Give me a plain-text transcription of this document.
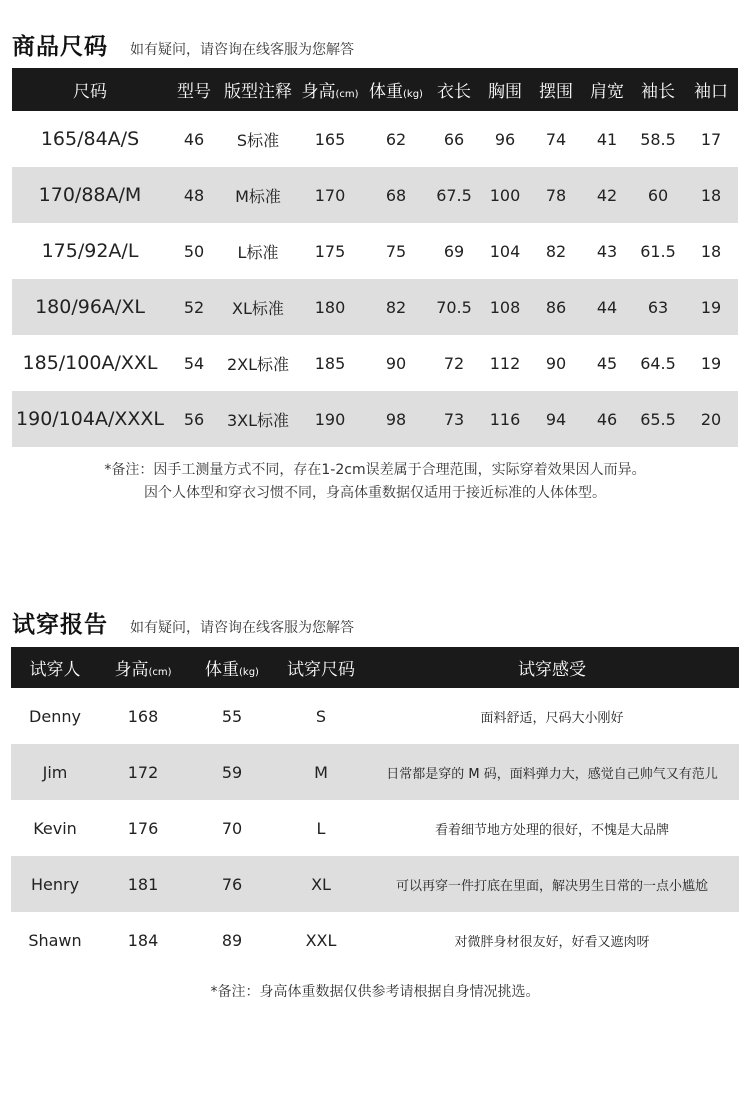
商品尺码 如有疑问，请咨询在线客服为您解答
尺码	型号	版型注释	身高(cm)	体重(kg)	衣长	胸围	摆围	肩宽	袖长	袖口
165/84A/S	46	S标准	165	62	66	96	74	41	58.5	17
170/88A/M	48	M标准	170	68	67.5	100	78	42	60	18
175/92A/L	50	L标准	175	75	69	104	82	43	61.5	18
180/96A/XL	52	XL标准	180	82	70.5	108	86	44	63	19
185/100A/XXL	54	2XL标准	185	90	72	112	90	45	64.5	19
190/104A/XXXL	56	3XL标准	190	98	73	116	94	46	65.5	20
*备注：因手工测量方式不同，存在1-2cm误差属于合理范围，实际穿着效果因人而异。
因个人体型和穿衣习惯不同，身高体重数据仅适用于接近标准的人体体型。
试穿报告 如有疑问，请咨询在线客服为您解答
试穿人	身高(cm)	体重(kg)	试穿尺码	试穿感受
Denny	168	55	S	面料舒适，尺码大小刚好
Jim	172	59	M	日常都是穿的 M 码，面料弹力大，感觉自己帅气又有范儿
Kevin	176	70	L	看着细节地方处理的很好，不愧是大品牌
Henry	181	76	XL	可以再穿一件打底在里面，解决男生日常的一点小尴尬
Shawn	184	89	XXL	对微胖身材很友好，好看又遮肉呀
*备注：身高体重数据仅供参考请根据自身情况挑选。
